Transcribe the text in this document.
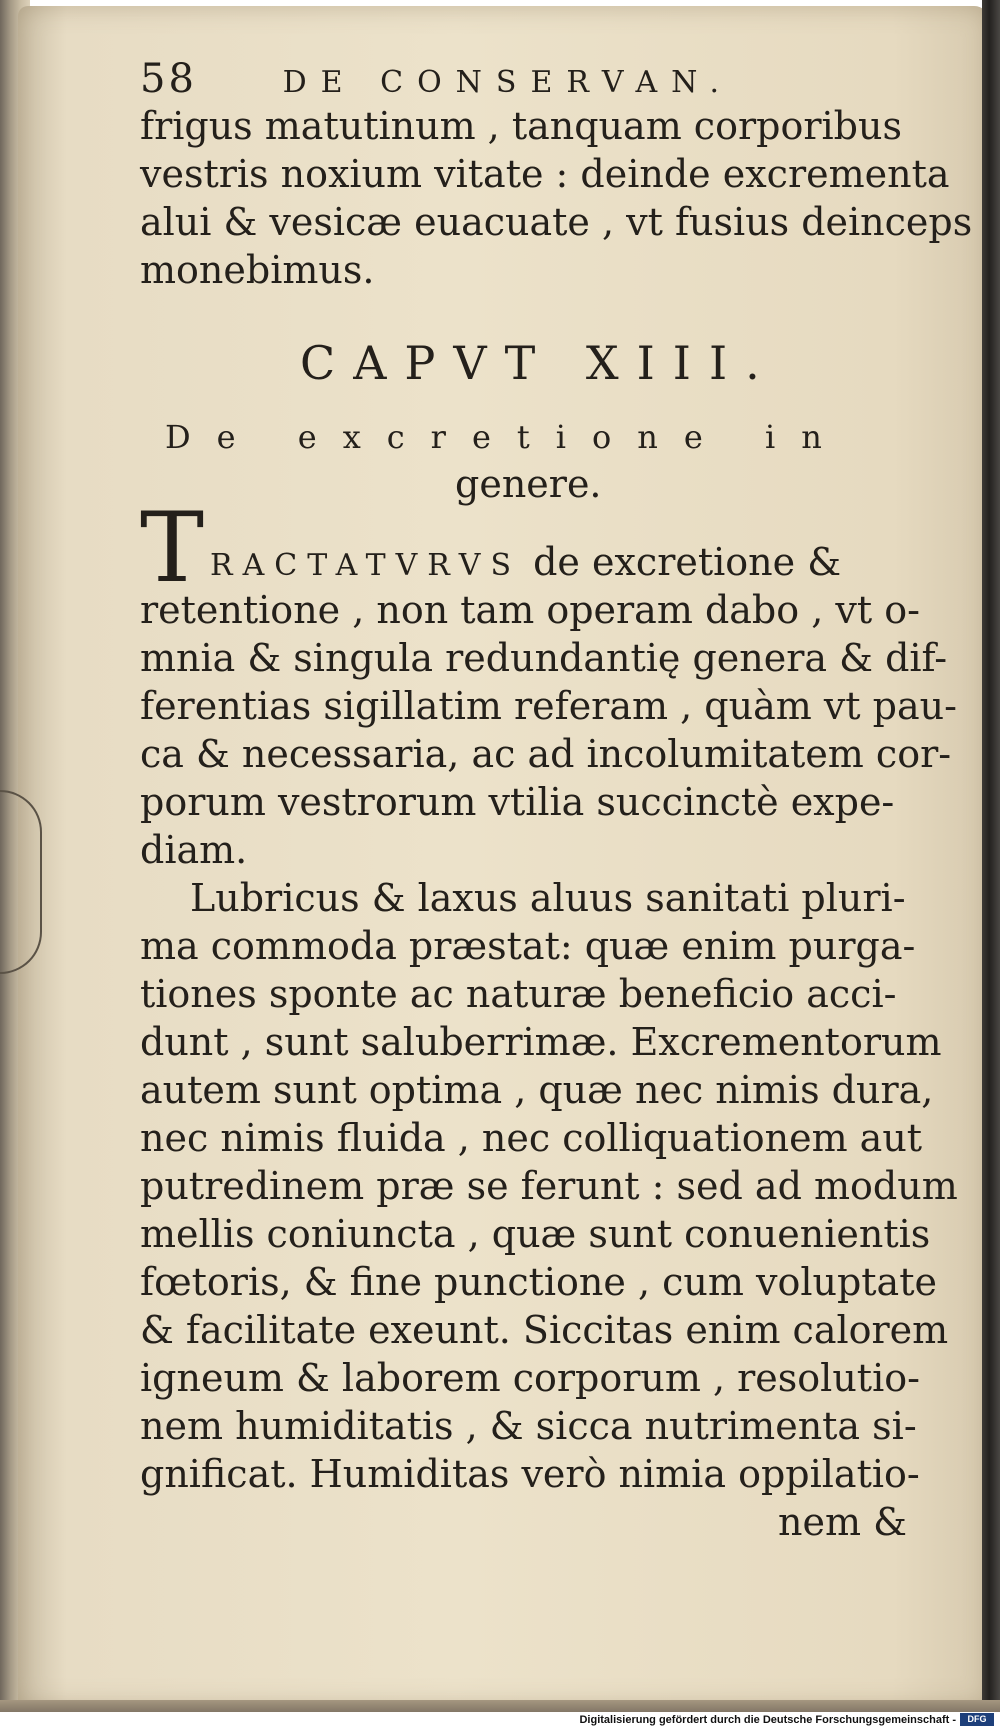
58	DE CONSERVAN.
frigus matutinum , tanquam corporibus
vestris noxium vitate : deinde excrementa
alui & vesicæ euacuate , vt fusius deinceps
monebimus.
CAPVT XIII.
De excretione in
genere.
T RACTATVRVS de excretione &
retentione , non tam operam dabo , vt o-
mnia & singula redundantię genera & dif-
ferentias sigillatim referam , quàm vt pau-
ca & necessaria, ac ad incolumitatem cor-
porum vestrorum vtilia succinctè expe-
diam.
Lubricus & laxus aluus sanitati pluri-
ma commoda præstat: quæ enim purga-
tiones sponte ac naturæ beneficio acci-
dunt , sunt saluberrimæ. Excrementorum
autem sunt optima , quæ nec nimis dura,
nec nimis fluida , nec colliquationem aut
putredinem præ se ferunt : sed ad modum
mellis coniuncta , quæ sunt conuenientis
fœtoris, & fine punctione , cum voluptate
& facilitate exeunt. Siccitas enim calorem
igneum & laborem corporum , resolutio-
nem humiditatis , & sicca nutrimenta si-
gnificat. Humiditas verò nimia oppilatio-
nem &
Digitalisierung gefördert durch die Deutsche Forschungsgemeinschaft -	DFG
